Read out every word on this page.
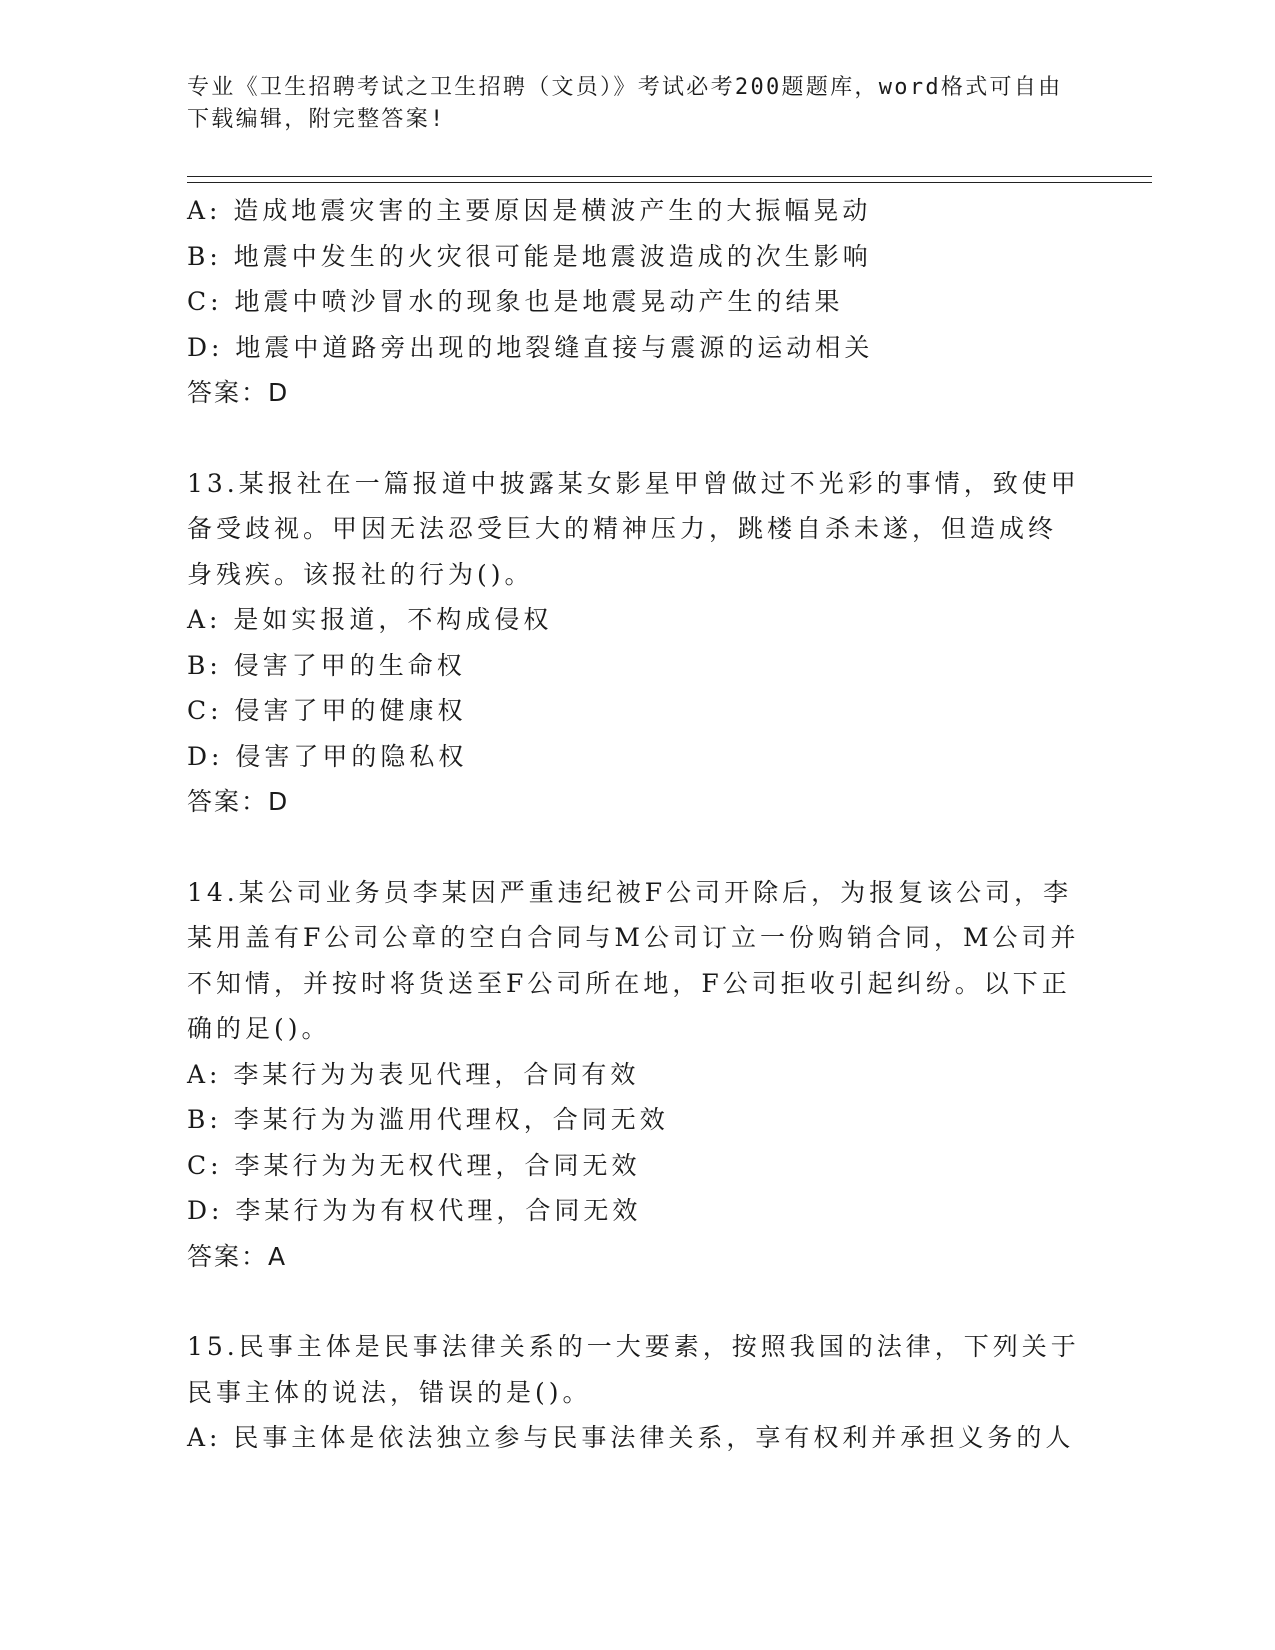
专业《卫生招聘考试之卫生招聘（文员）》考试必考200题题库，word格式可自由下载编辑，附完整答案!

A: 造成地震灾害的主要原因是横波产生的大振幅晃动

B: 地震中发生的火灾很可能是地震波造成的次生影响

C: 地震中喷沙冒水的现象也是地震晃动产生的结果

D: 地震中道路旁出现的地裂缝直接与震源的运动相关

答案：D

13.某报社在一篇报道中披露某女影星甲曾做过不光彩的事情，致使甲

备受歧视。甲因无法忍受巨大的精神压力，跳楼自杀未遂，但造成终

身残疾。该报社的行为()。

A: 是如实报道，不构成侵权

B: 侵害了甲的生命权

C: 侵害了甲的健康权

D: 侵害了甲的隐私权

答案：D

14.某公司业务员李某因严重违纪被F公司开除后，为报复该公司，李

某用盖有F公司公章的空白合同与M公司订立一份购销合同，M公司并

不知情，并按时将货送至F公司所在地，F公司拒收引起纠纷。以下正

确的足()。

A: 李某行为为表见代理，合同有效

B: 李某行为为滥用代理权，合同无效

C: 李某行为为无权代理，合同无效

D: 李某行为为有权代理，合同无效

答案：A

15.民事主体是民事法律关系的一大要素，按照我国的法律，下列关于

民事主体的说法，错误的是()。

A: 民事主体是依法独立参与民事法律关系，享有权利并承担义务的人
